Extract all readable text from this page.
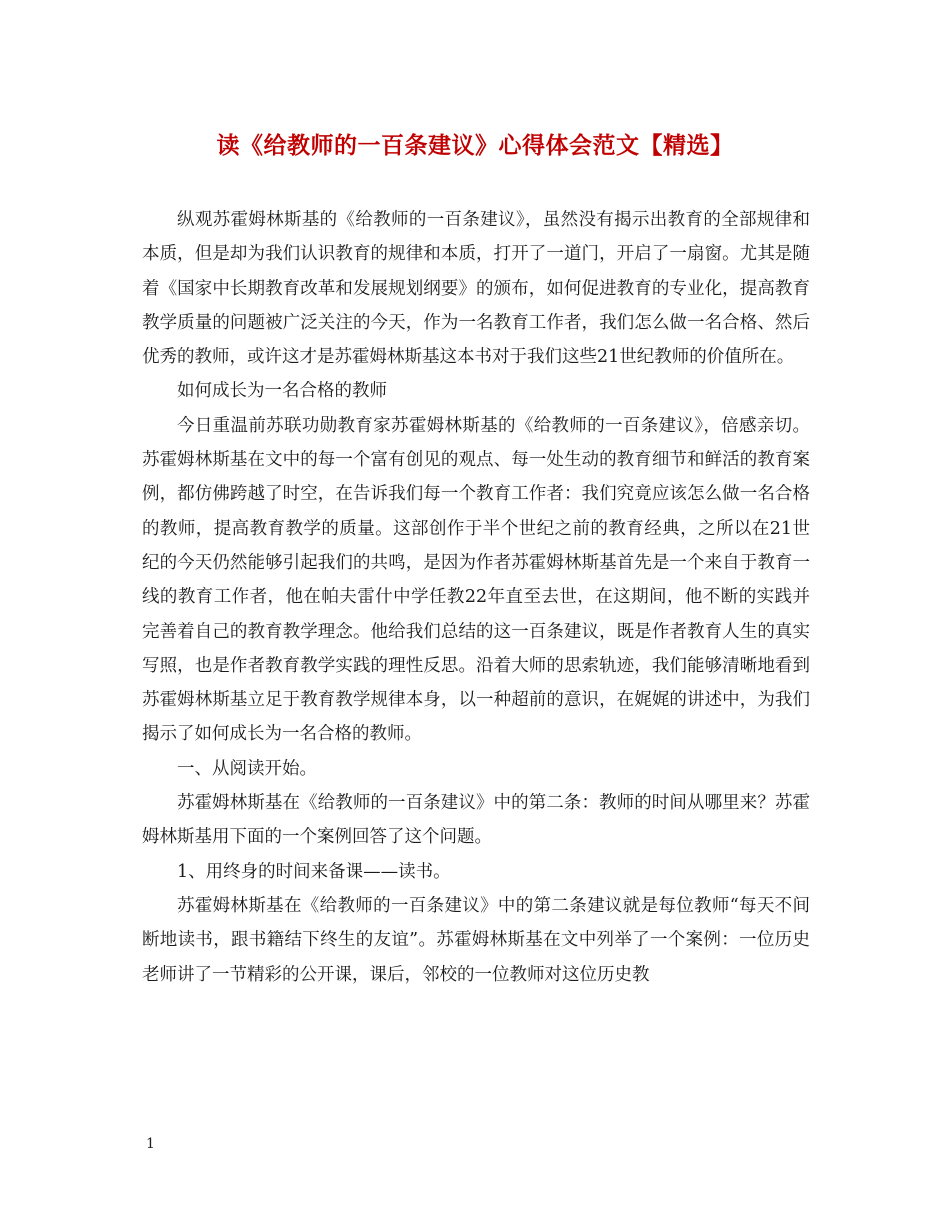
读《给教师的一百条建议》心得体会范文【精选】

纵观苏霍姆林斯基的《给教师的一百条建议》，虽然没有揭示出教育的全部规律和本质，但是却为我们认识教育的规律和本质，打开了一道门，开启了一扇窗。尤其是随着《国家中长期教育改革和发展规划纲要》的颁布，如何促进教育的专业化，提高教育教学质量的问题被广泛关注的今天，作为一名教育工作者，我们怎么做一名合格、然后优秀的教师，或许这才是苏霍姆林斯基这本书对于我们这些21世纪教师的价值所在。

如何成长为一名合格的教师

今日重温前苏联功勋教育家苏霍姆林斯基的《给教师的一百条建议》，倍感亲切。苏霍姆林斯基在文中的每一个富有创见的观点、每一处生动的教育细节和鲜活的教育案例，都仿佛跨越了时空，在告诉我们每一个教育工作者：我们究竟应该怎么做一名合格的教师，提高教育教学的质量。这部创作于半个世纪之前的教育经典，之所以在21世纪的今天仍然能够引起我们的共鸣，是因为作者苏霍姆林斯基首先是一个来自于教育一线的教育工作者，他在帕夫雷什中学任教22年直至去世，在这期间，他不断的实践并完善着自己的教育教学理念。他给我们总结的这一百条建议，既是作者教育人生的真实写照，也是作者教育教学实践的理性反思。沿着大师的思索轨迹，我们能够清晰地看到苏霍姆林斯基立足于教育教学规律本身，以一种超前的意识，在娓娓的讲述中，为我们揭示了如何成长为一名合格的教师。

一、从阅读开始。

苏霍姆林斯基在《给教师的一百条建议》中的第二条：教师的时间从哪里来？苏霍姆林斯基用下面的一个案例回答了这个问题。

1、用终身的时间来备课——读书。

苏霍姆林斯基在《给教师的一百条建议》中的第二条建议就是每位教师“每天不间断地读书，跟书籍结下终生的友谊”。苏霍姆林斯基在文中列举了一个案例：一位历史老师讲了一节精彩的公开课，课后，邻校的一位教师对这位历史教

1
